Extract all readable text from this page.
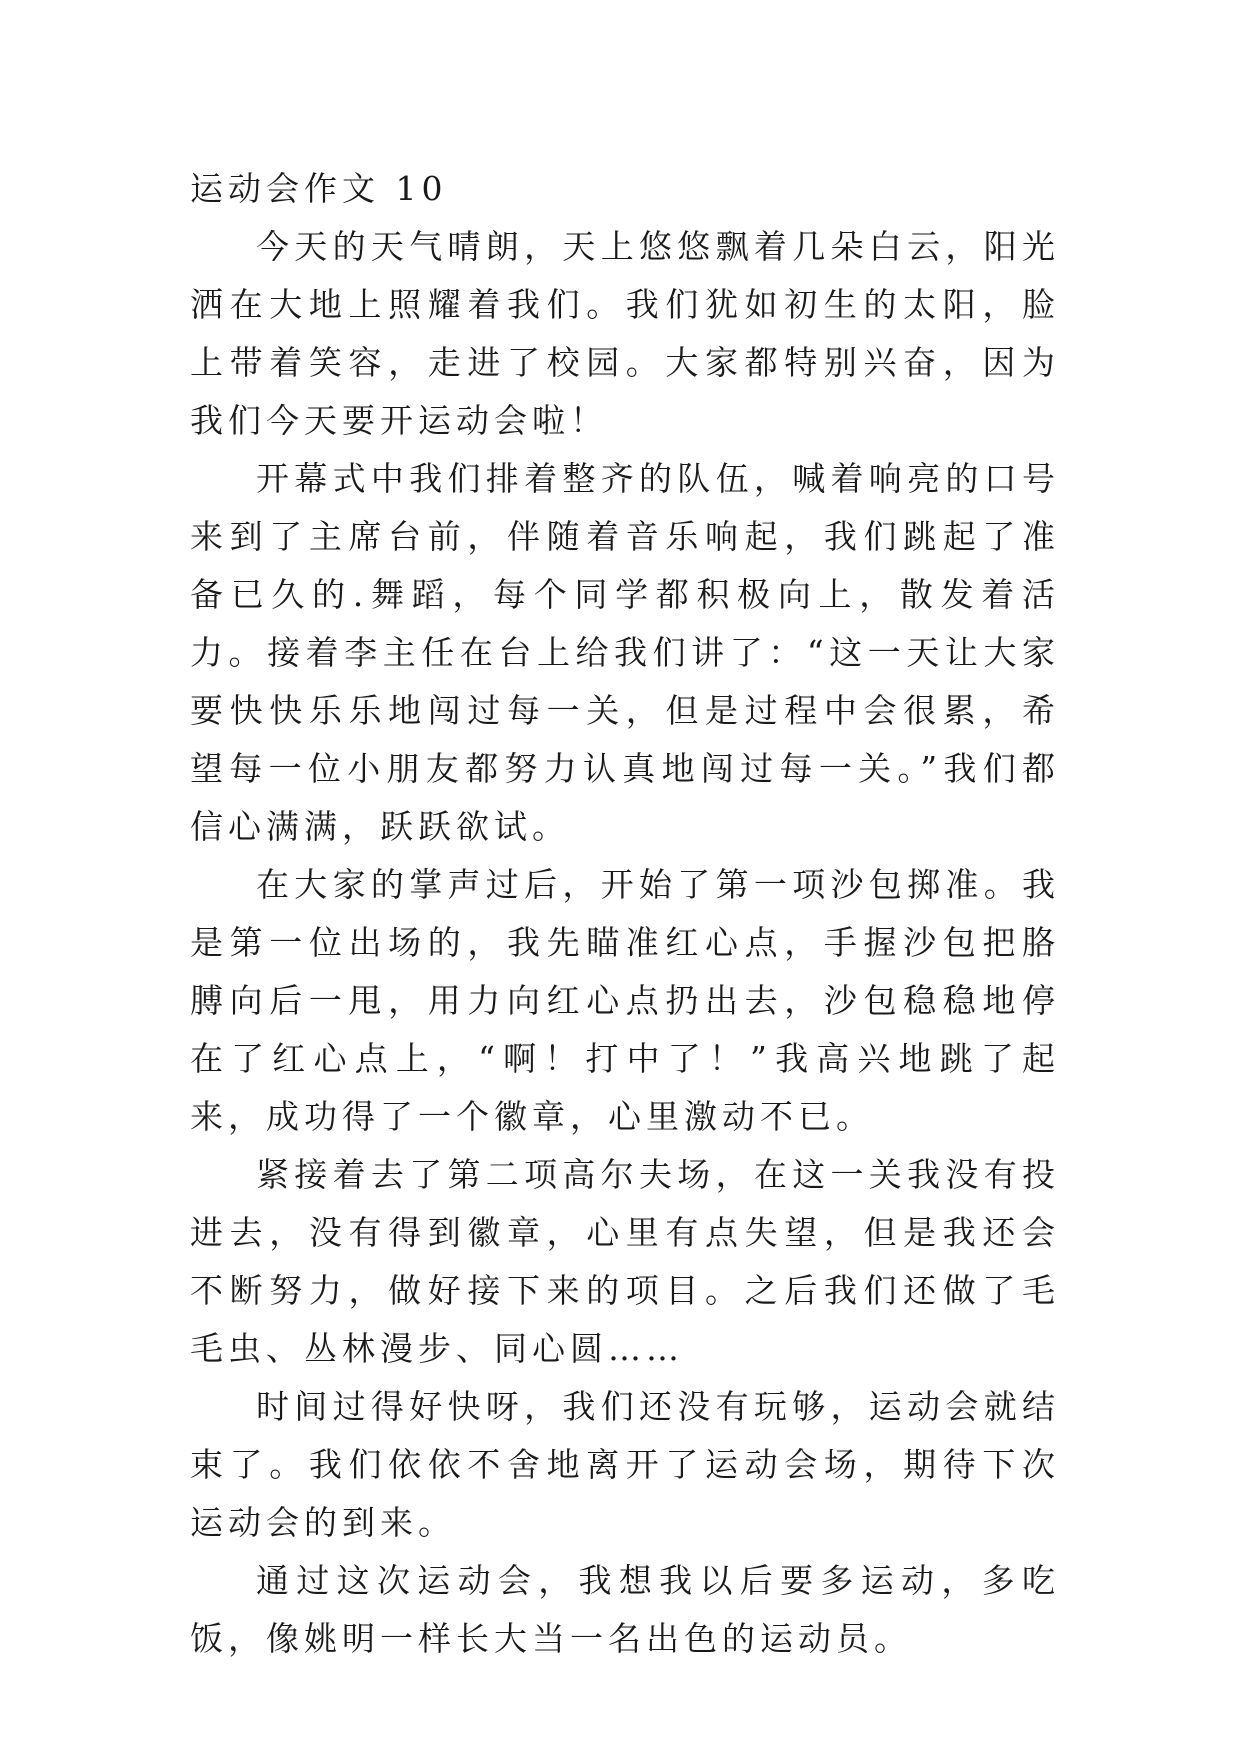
运动会作文 10

今天的天气晴朗，天上悠悠飘着几朵白云，阳光洒在大地上照耀着我们。我们犹如初生的太阳，脸上带着笑容，走进了校园。大家都特别兴奋，因为我们今天要开运动会啦！

开幕式中我们排着整齐的队伍，喊着响亮的口号来到了主席台前，伴随着音乐响起，我们跳起了准备已久的.舞蹈，每个同学都积极向上，散发着活力。接着李主任在台上给我们讲了：“这一天让大家要快快乐乐地闯过每一关，但是过程中会很累，希望每一位小朋友都努力认真地闯过每一关。”我们都信心满满，跃跃欲试。

在大家的掌声过后，开始了第一项沙包掷准。我是第一位出场的，我先瞄准红心点，手握沙包把胳膊向后一甩，用力向红心点扔出去，沙包稳稳地停在了红心点上，“啊！打中了！”我高兴地跳了起来，成功得了一个徽章，心里激动不已。

紧接着去了第二项高尔夫场，在这一关我没有投进去，没有得到徽章，心里有点失望，但是我还会不断努力，做好接下来的项目。之后我们还做了毛毛虫、丛林漫步、同心圆……

时间过得好快呀，我们还没有玩够，运动会就结束了。我们依依不舍地离开了运动会场，期待下次运动会的到来。

通过这次运动会，我想我以后要多运动，多吃饭，像姚明一样长大当一名出色的运动员。
